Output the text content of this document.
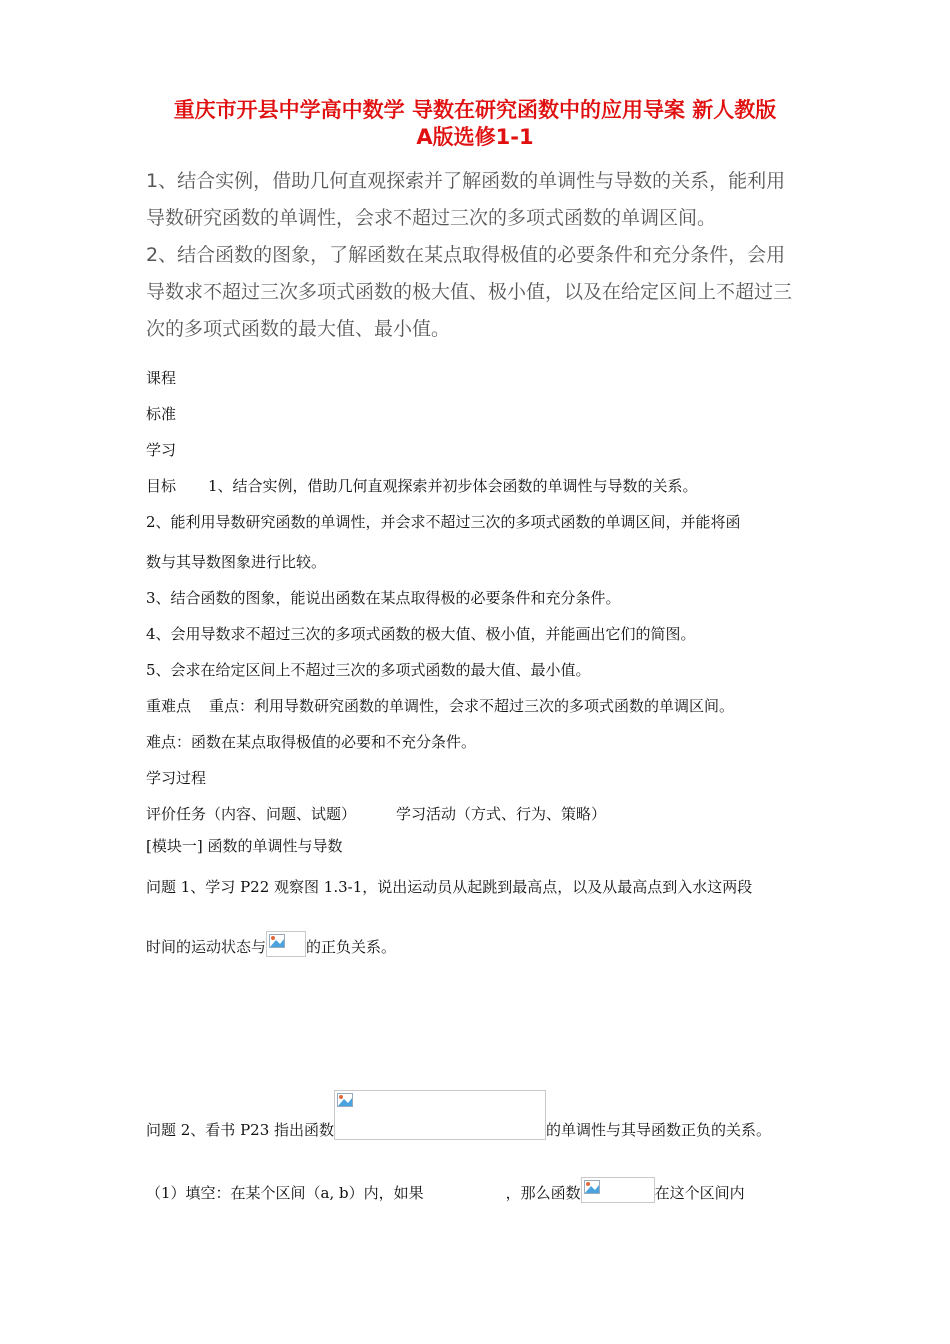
重庆市开县中学高中数学 导数在研究函数中的应用导案 新人教版
A版选修1-1
1、结合实例，借助几何直观探索并了解函数的单调性与导数的关系，能利用
导数研究函数的单调性，会求不超过三次的多项式函数的单调区间。
2、结合函数的图象，了解函数在某点取得极值的必要条件和充分条件，会用
导数求不超过三次多项式函数的极大值、极小值，以及在给定区间上不超过三
次的多项式函数的最大值、最小值。
课程
标准
学习
目标 1、结合实例，借助几何直观探索并初步体会函数的单调性与导数的关系。
2、能利用导数研究函数的单调性，并会求不超过三次的多项式函数的单调区间，并能将函
数与其导数图象进行比较。
3、结合函数的图象，能说出函数在某点取得极的必要条件和充分条件。
4、会用导数求不超过三次的多项式函数的极大值、极小值，并能画出它们的简图。
5、会求在给定区间上不超过三次的多项式函数的最大值、最小值。
重难点 重点：利用导数研究函数的单调性，会求不超过三次的多项式函数的单调区间。
难点：函数在某点取得极值的必要和不充分条件。
学习过程
评价任务（内容、问题、试题）	学习活动（方式、行为、策略）
[模块一] 函数的单调性与导数
问题 1、学习 P22 观察图 1.3-1，说出运动员从起跳到最高点，以及从最高点到入水这两段
时间的运动状态与	的正负关系。
问题 2、看书 P23 指出函数	的单调性与其导函数正负的关系。
（1）填空：在某个区间（a, b）内，如果	，那么函数	在这个区间内
